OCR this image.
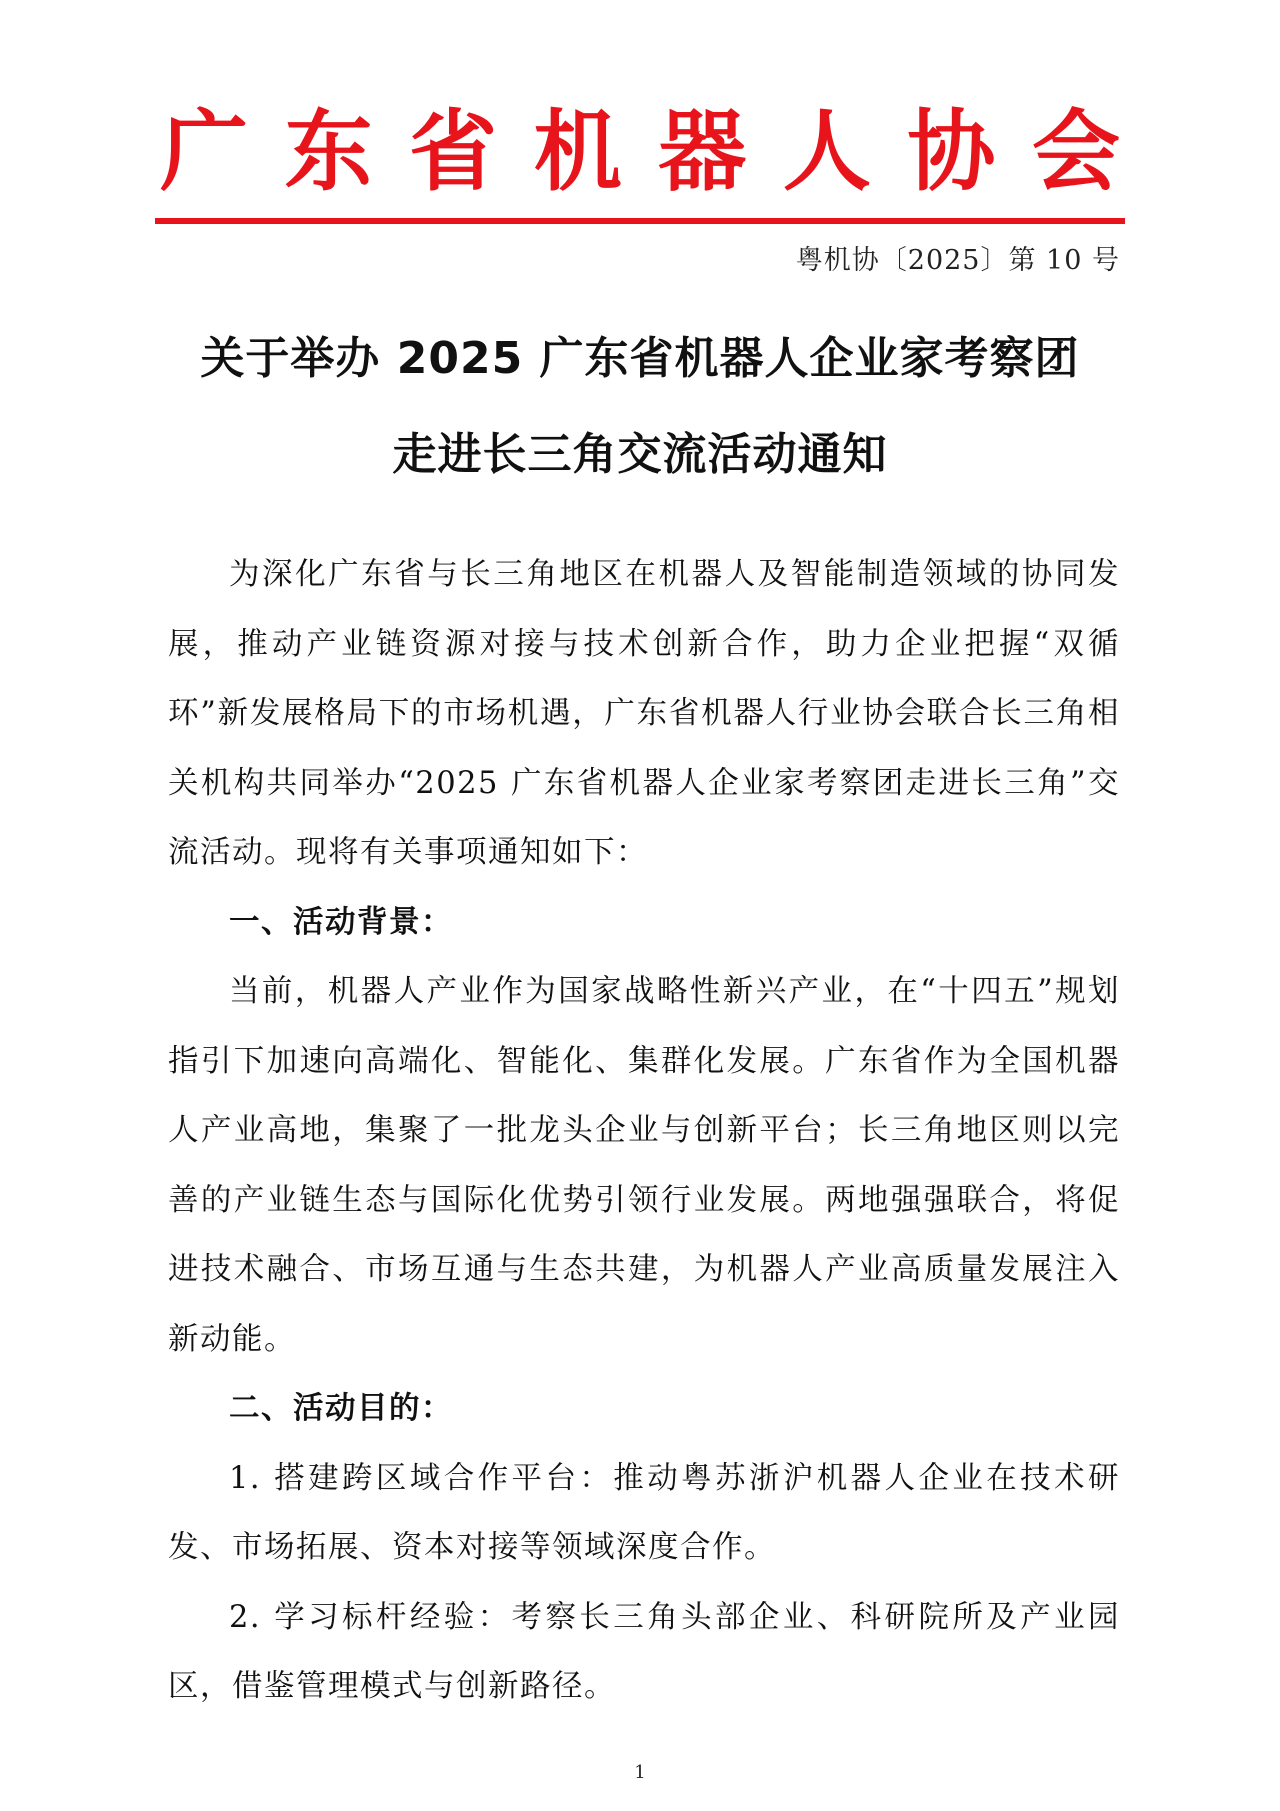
广 东 省 机 器 人 协 会
粤机协〔2025〕第 10 号
关于举办 2025 广东省机器人企业家考察团
走进长三角交流活动通知

为深化广东省与长三角地区在机器人及智能制造领域的协同发展，推动产业链资源对接与技术创新合作，助力企业把握“双循环”新发展格局下的市场机遇，广东省机器人行业协会联合长三角相关机构共同举办“2025 广东省机器人企业家考察团走进长三角”交流活动。现将有关事项通知如下：

一、活动背景：

当前，机器人产业作为国家战略性新兴产业，在“十四五”规划指引下加速向高端化、智能化、集群化发展。广东省作为全国机器人产业高地，集聚了一批龙头企业与创新平台；长三角地区则以完善的产业链生态与国际化优势引领行业发展。两地强强联合，将促进技术融合、市场互通与生态共建，为机器人产业高质量发展注入新动能。

二、活动目的：

1. 搭建跨区域合作平台：推动粤苏浙沪机器人企业在技术研发、市场拓展、资本对接等领域深度合作。

2. 学习标杆经验：考察长三角头部企业、科研院所及产业园区，借鉴管理模式与创新路径。

1
